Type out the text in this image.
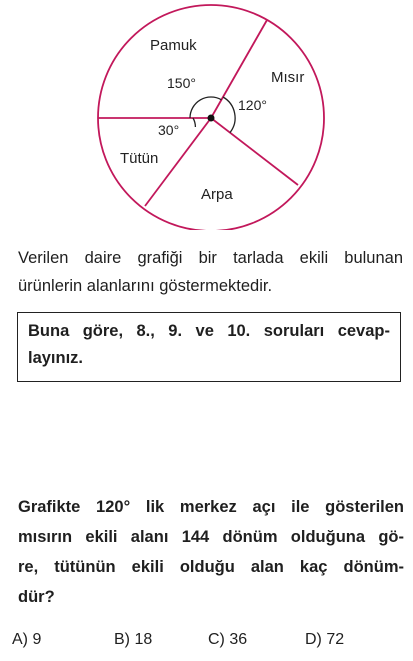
Pamuk
Mısır
Arpa
Tütün
150°
120°
30°

Verilen daire grafiği bir tarlada ekili bulunan
ürünlerin alanlarını göstermektedir.

Buna göre, 8., 9. ve 10. soruları cevap-
layınız.

Grafikte 120° lik merkez açı ile gösterilen
mısırın ekili alanı 144 dönüm olduğuna gö-
re, tütünün ekili olduğu alan kaç dönüm-
dür?

A) 9	B) 18	C) 36	D) 72
